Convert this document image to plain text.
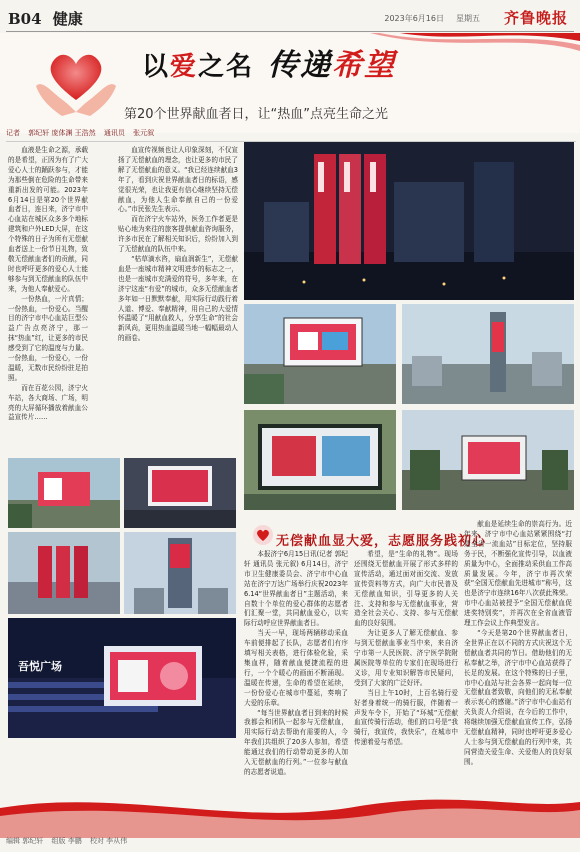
B04 健康	2023年6月16日 星期五 齐鲁晚报
以爱之名 传递希望
第20个世界献血者日，让“热血”点亮生命之光
记者 郭纪轩 庞体渊 王浩然 通讯员 张元叙

血液是生命之源，承载的是希望，正因为有了广大爱心人士的踊跃参与，才能为那些倒在危险的生命带来重新出发的可能。2023年6月14日是第20个世界献血者日，连日来，济宁市中心血站在城区众多多个地标建筑和户外LED大屏，在这个特殊的日子为所有无偿献血者送上一份节日礼物，致敬无偿献血者们的贡献，同时也呼吁更多的爱心人士能够参与到无偿献血的队伍中来，为他人奉献爱心。

一份热血，一片真情；一份热血，一份爱心。当醒目的济宁市中心血站巨型公益广告点亮济宁，那一抹“热血”红，让更多的市民感受到了它的温度与力量。一份热血，一份爱心，一份温暖，无数市民纷纷驻足拍照。

而在百花公园，济宁火车站，各大商场、广场，明亮的大屏循环播放着献血公益宣传片……

血宣传视频也让人印象深刻，不仅宣扬了无偿献血的理念，也让更多的市民了解了无偿献血的意义。“我已经连续献血3年了，看到庆祝世界献血者日的标语，感觉很光荣，也让我更有信心继续坚持无偿献血，为他人生命奉献自己的一份爱心。”市民张先生表示。

而在济宁火车站外，医务工作者更是贴心地为来往的旅客提供献血咨询服务，许多市民在了解相关知识后，纷纷加入到了无偿献血的队伍中来。

“枯草滴水咨，扇血润新生”，无偿献血是一座城市精神文明进步的标志之一，也是一座城市充满爱的符号，多年来，在济宁这座“有爱”的城市，众多无偿献血者多年如一日默默奉献，用实际行动践行着人道、博爱、奉献精神，用自己的大爱情怀温暖了“用献血救人，分享生命”的社会新风尚，更用热血温暖当地一幅幅最动人的画卷。

吾悦广场
无偿献血显大爱，志愿服务践初心

本报济宁6月15日讯(记者 郭纪轩 通讯员 张元叙) 6月14日，济宁市卫生健康委员会、济宁市中心血站在济宁万达广场举行庆祝2023年6.14“世界献血者日”主题活动，来自数十个单位的爱心群体的志愿者们汇聚一堂，共同献血爱心，以实际行动呼应世界献血者日。

当天一早，现场两辆移动采血车前便排起了长队，志愿者们有序填写相关表格，进行体检化验，采集血样，随着献血便捷流程的进行，一个个暖心的画面不断涌现。温暖在传递，生命的希望在延续，一份份爱心在城市中蔓延，奏响了大爱的乐章。

“每当世界献血者日到来的时候我都会和团队一起参与无偿献血，用实际行动去帮助有需要的人，今年我们共组织了20多人参加，希望能通过我们的行动带动更多的人加入无偿献血的行列。”一位参与献血的志愿者说道。

希望，是“生命的礼物”。现场还围绕无偿献血开展了形式多样的宣传活动，通过面对面交流、发放宣传资料等方式，向广大市民普及无偿献血知识，引导更多的人关注、支持和参与无偿献血事业，营造全社会关心、支持、参与无偿献血的良好氛围。

为让更多人了解无偿献血、参与到无偿献血事业当中来，来自济宁市第一人民医院、济宁医学院附属医院等单位的专家们在现场进行义诊，用专业知识解答市民疑问，受到了大家的广泛好评。

当日上午10时，上百名骑行爱好者身着统一的骑行服，伴随着一声发车令下，开始了“环城”无偿献血宣传骑行活动，他们的口号是“我骑行，我宣传，我快乐”，在城市中传递着爱与希望。

献血是延续生命的崇高行为。近年来，济宁市中心血站紧紧围绕“打造全省一流血站”目标定位，坚持服务于民，不断强化宣传引导，以血液质量为中心，全面推动采供血工作高质量发展。今年，济宁市再次荣获“全国无偿献血先进城市”称号，这也是济宁市连续16年八次获此殊荣。市中心血站被授予“全国无偿献血促进奖特别奖”，并再次在全省血液管理工作会议上作典型发言。

“今天是第20个世界献血者日，全世界正在以不同的方式庆祝这个无偿献血者共同的节日。借助他们的无私奉献之举，济宁市中心血站获得了长足的发展。在这个特殊的日子里，市中心血站与社会各界一起向每一位无偿献血者致敬，向他们的无私奉献表示衷心的感谢。”济宁市中心血站有关负责人介绍说，在今后的工作中，将继续加强无偿献血宣传工作，弘扬无偿献血精神，同时也呼吁更多爱心人士参与到无偿献血的行列中来，共同营造关爱生命、关爱他人的良好氛围。

编辑 郭纪轩 组版 李鹏 校对 李从伟
